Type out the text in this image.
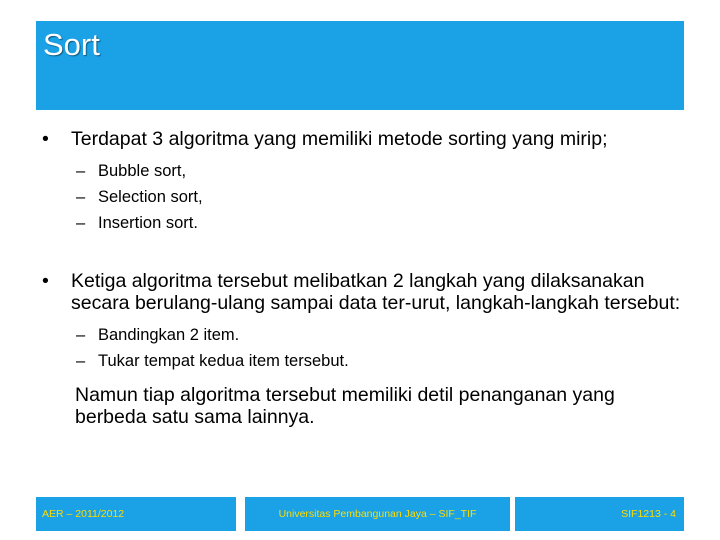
Sort
• Terdapat 3 algoritma yang memiliki metode sorting yang mirip;
– Bubble sort,
– Selection sort,
– Insertion sort.
• Ketiga algoritma tersebut melibatkan 2 langkah yang dilaksanakan secara berulang-ulang sampai data ter-urut, langkah-langkah tersebut:
– Bandingkan 2 item.
– Tukar tempat kedua item tersebut.
Namun tiap algoritma tersebut memiliki detil penanganan yang berbeda satu sama lainnya.
AER – 2011/2012	Universitas Pembangunan Jaya – SIF_TIF	SIF1213 - 4
